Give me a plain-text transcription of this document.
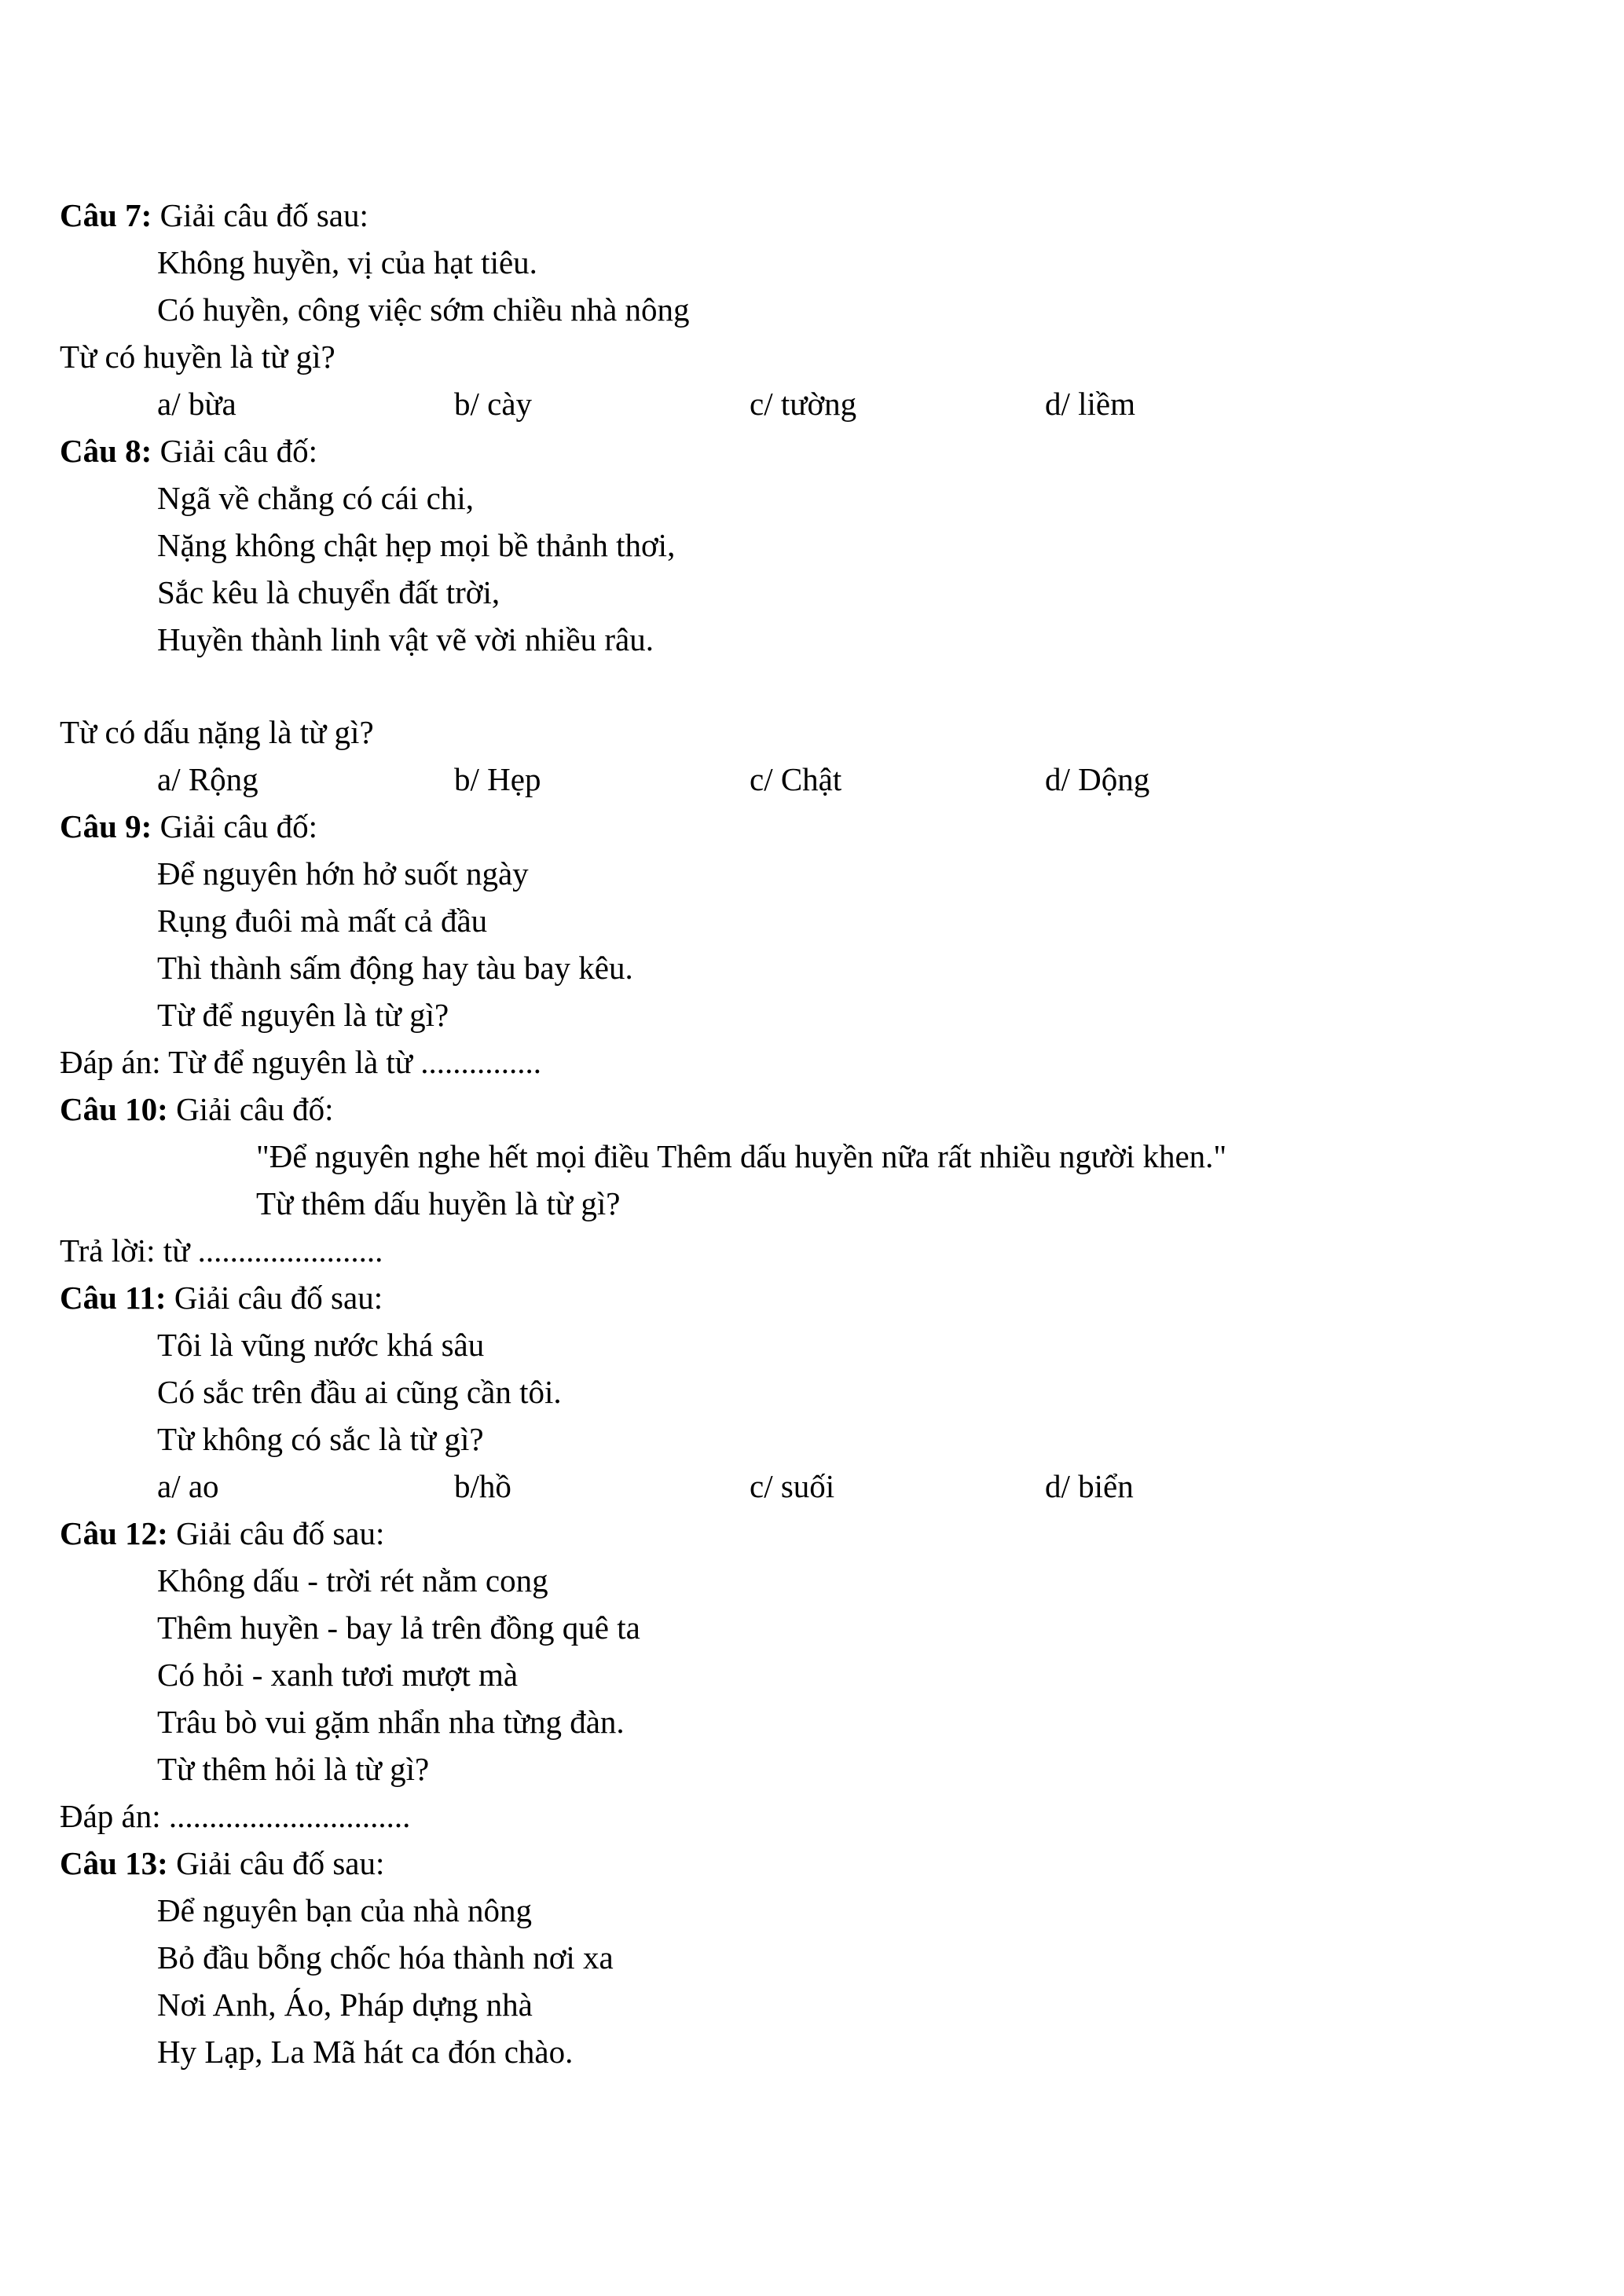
Câu 7: Giải câu đố sau:
Không huyền, vị của hạt tiêu.
Có huyền, công việc sớm chiều nhà nông
Từ có huyền là từ gì?
a/ bừa	b/ cày	c/ tường	d/ liềm
Câu 8: Giải câu đố:
Ngã về chẳng có cái chi,
Nặng không chật hẹp mọi bề thảnh thơi,
Sắc kêu là chuyển đất trời,
Huyền thành linh vật vẽ vời nhiều râu.
Từ có dấu nặng là từ gì?
a/ Rộng	b/ Hẹp	c/ Chật	d/ Dộng
Câu 9: Giải câu đố:
Để nguyên hớn hở suốt ngày
Rụng đuôi mà mất cả đầu
Thì thành sấm động hay tàu bay kêu.
Từ để nguyên là từ gì?
Đáp án: Từ để nguyên là từ ...............
Câu 10: Giải câu đố:
"Để nguyên nghe hết mọi điều Thêm dấu huyền nữa rất nhiều người khen."
Từ thêm dấu huyền là từ gì?
Trả lời: từ .......................
Câu 11: Giải câu đố sau:
Tôi là vũng nước khá sâu
Có sắc trên đầu ai cũng cần tôi.
Từ không có sắc là từ gì?
a/ ao	b/hồ	c/ suối	d/ biển
Câu 12: Giải câu đố sau:
Không dấu - trời rét nằm cong
Thêm huyền - bay lả trên đồng quê ta
Có hỏi - xanh tươi mượt mà
Trâu bò vui gặm nhẩn nha từng đàn.
Từ thêm hỏi là từ gì?
Đáp án: ..............................
Câu 13: Giải câu đố sau:
Để nguyên bạn của nhà nông
Bỏ đầu bỗng chốc hóa thành nơi xa
Nơi Anh, Áo, Pháp dựng nhà
Hy Lạp, La Mã hát ca đón chào.
